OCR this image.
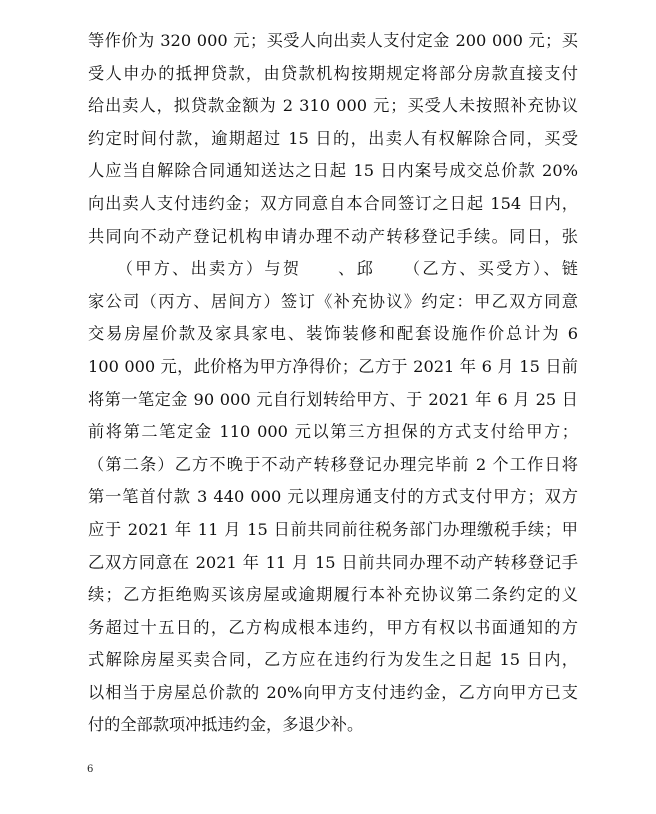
等作价为 320 000 元；买受人向出卖人支付定金 200 000 元；买
受人申办的抵押贷款，由贷款机构按期规定将部分房款直接支付
给出卖人，拟贷款金额为 2 310 000 元；买受人未按照补充协议
约定时间付款，逾期超过 15 日的，出卖人有权解除合同，买受
人应当自解除合同通知送达之日起 15 日内案号成交总价款 20%
向出卖人支付违约金；双方同意自本合同签订之日起 154 日内，
共同向不动产登记机构申请办理不动产转移登记手续。同日，张
　　（甲方、出卖方）与贺　　、邱　　（乙方、买受方）、链
家公司（丙方、居间方）签订《补充协议》约定：甲乙双方同意
交易房屋价款及家具家电、装饰装修和配套设施作价总计为 6
100 000 元，此价格为甲方净得价；乙方于 2021 年 6 月 15 日前
将第一笔定金 90 000 元自行划转给甲方、于 2021 年 6 月 25 日
前将第二笔定金 110 000 元以第三方担保的方式支付给甲方；
（第二条）乙方不晚于不动产转移登记办理完毕前 2 个工作日将
第一笔首付款 3 440 000 元以理房通支付的方式支付甲方；双方
应于 2021 年 11 月 15 日前共同前往税务部门办理缴税手续；甲
乙双方同意在 2021 年 11 月 15 日前共同办理不动产转移登记手
续；乙方拒绝购买该房屋或逾期履行本补充协议第二条约定的义
务超过十五日的，乙方构成根本违约，甲方有权以书面通知的方
式解除房屋买卖合同，乙方应在违约行为发生之日起 15 日内，
以相当于房屋总价款的 20%向甲方支付违约金，乙方向甲方已支
付的全部款项冲抵违约金，多退少补。
6
